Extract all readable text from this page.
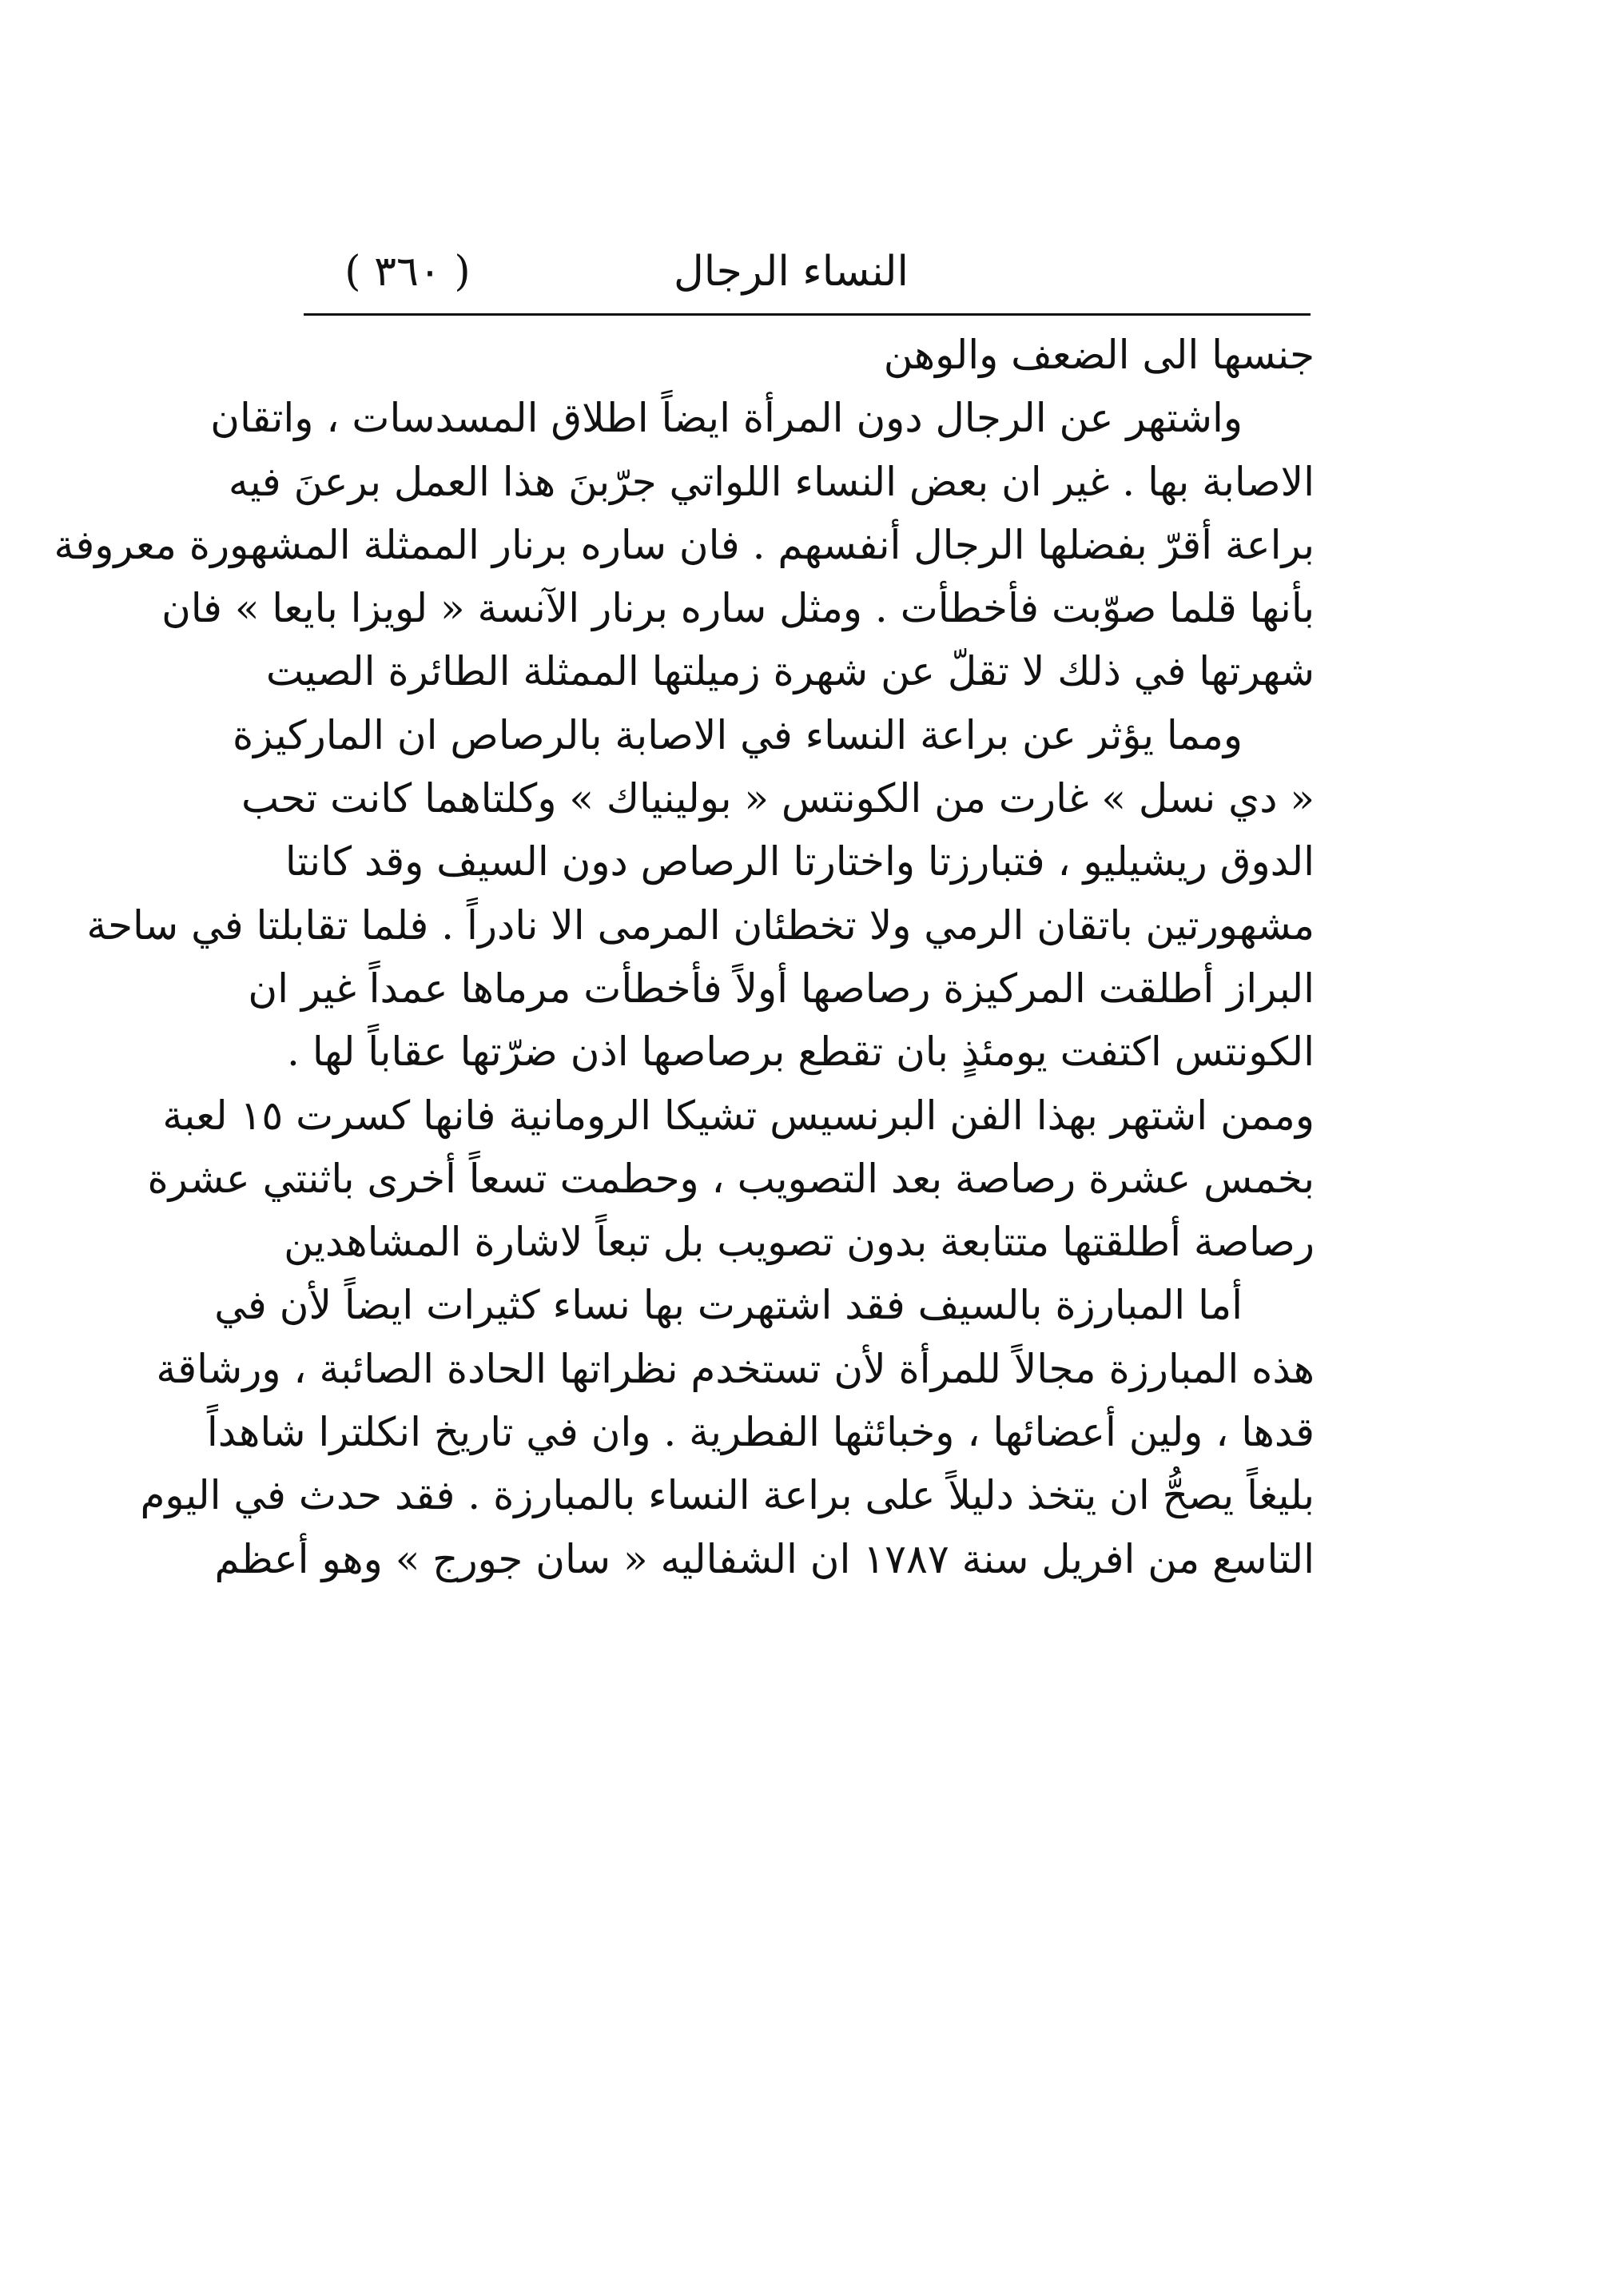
( ٣٦٠ )	النساء الرجال
جنسها الى الضعف والوهن
واشتهر عن الرجال دون المرأة ايضاً اطلاق المسدسات ، واتقان
الاصابة بها . غير ان بعض النساء اللواتي جرّبنَ هذا العمل برعنَ فيه
براعة أقرّ بفضلها الرجال أنفسهم . فان ساره برنار الممثلة المشهورة معروفة
بأنها قلما صوّبت فأخطأت . ومثل ساره برنار الآنسة « لويزا بايعا » فان
شهرتها في ذلك لا تقلّ عن شهرة زميلتها الممثلة الطائرة الصيت
ومما يؤثر عن براعة النساء في الاصابة بالرصاص ان الماركيزة
« دي نسل » غارت من الكونتس « بولينياك » وكلتاهما كانت تحب
الدوق ريشيليو ، فتبارزتا واختارتا الرصاص دون السيف وقد كانتا
مشهورتين باتقان الرمي ولا تخطئان المرمى الا نادراً . فلما تقابلتا في ساحة
البراز أطلقت المركيزة رصاصها أولاً فأخطأت مرماها عمداً غير ان
الكونتس اكتفت يومئذٍ بان تقطع برصاصها اذن ضرّتها عقاباً لها .
وممن اشتهر بهذا الفن البرنسيس تشيكا الرومانية فانها كسرت ١٥ لعبة
بخمس عشرة رصاصة بعد التصويب ، وحطمت تسعاً أخرى باثنتي عشرة
رصاصة أطلقتها متتابعة بدون تصويب بل تبعاً لاشارة المشاهدين
أما المبارزة بالسيف فقد اشتهرت بها نساء كثيرات ايضاً لأن في
هذه المبارزة مجالاً للمرأة لأن تستخدم نظراتها الحادة الصائبة ، ورشاقة
قدها ، ولين أعضائها ، وخبائثها الفطرية . وان في تاريخ انكلترا شاهداً
بليغاً يصحُّ ان يتخذ دليلاً على براعة النساء بالمبارزة . فقد حدث في اليوم
التاسع من افريل سنة ١٧٨٧ ان الشفاليه « سان جورج » وهو أعظم
